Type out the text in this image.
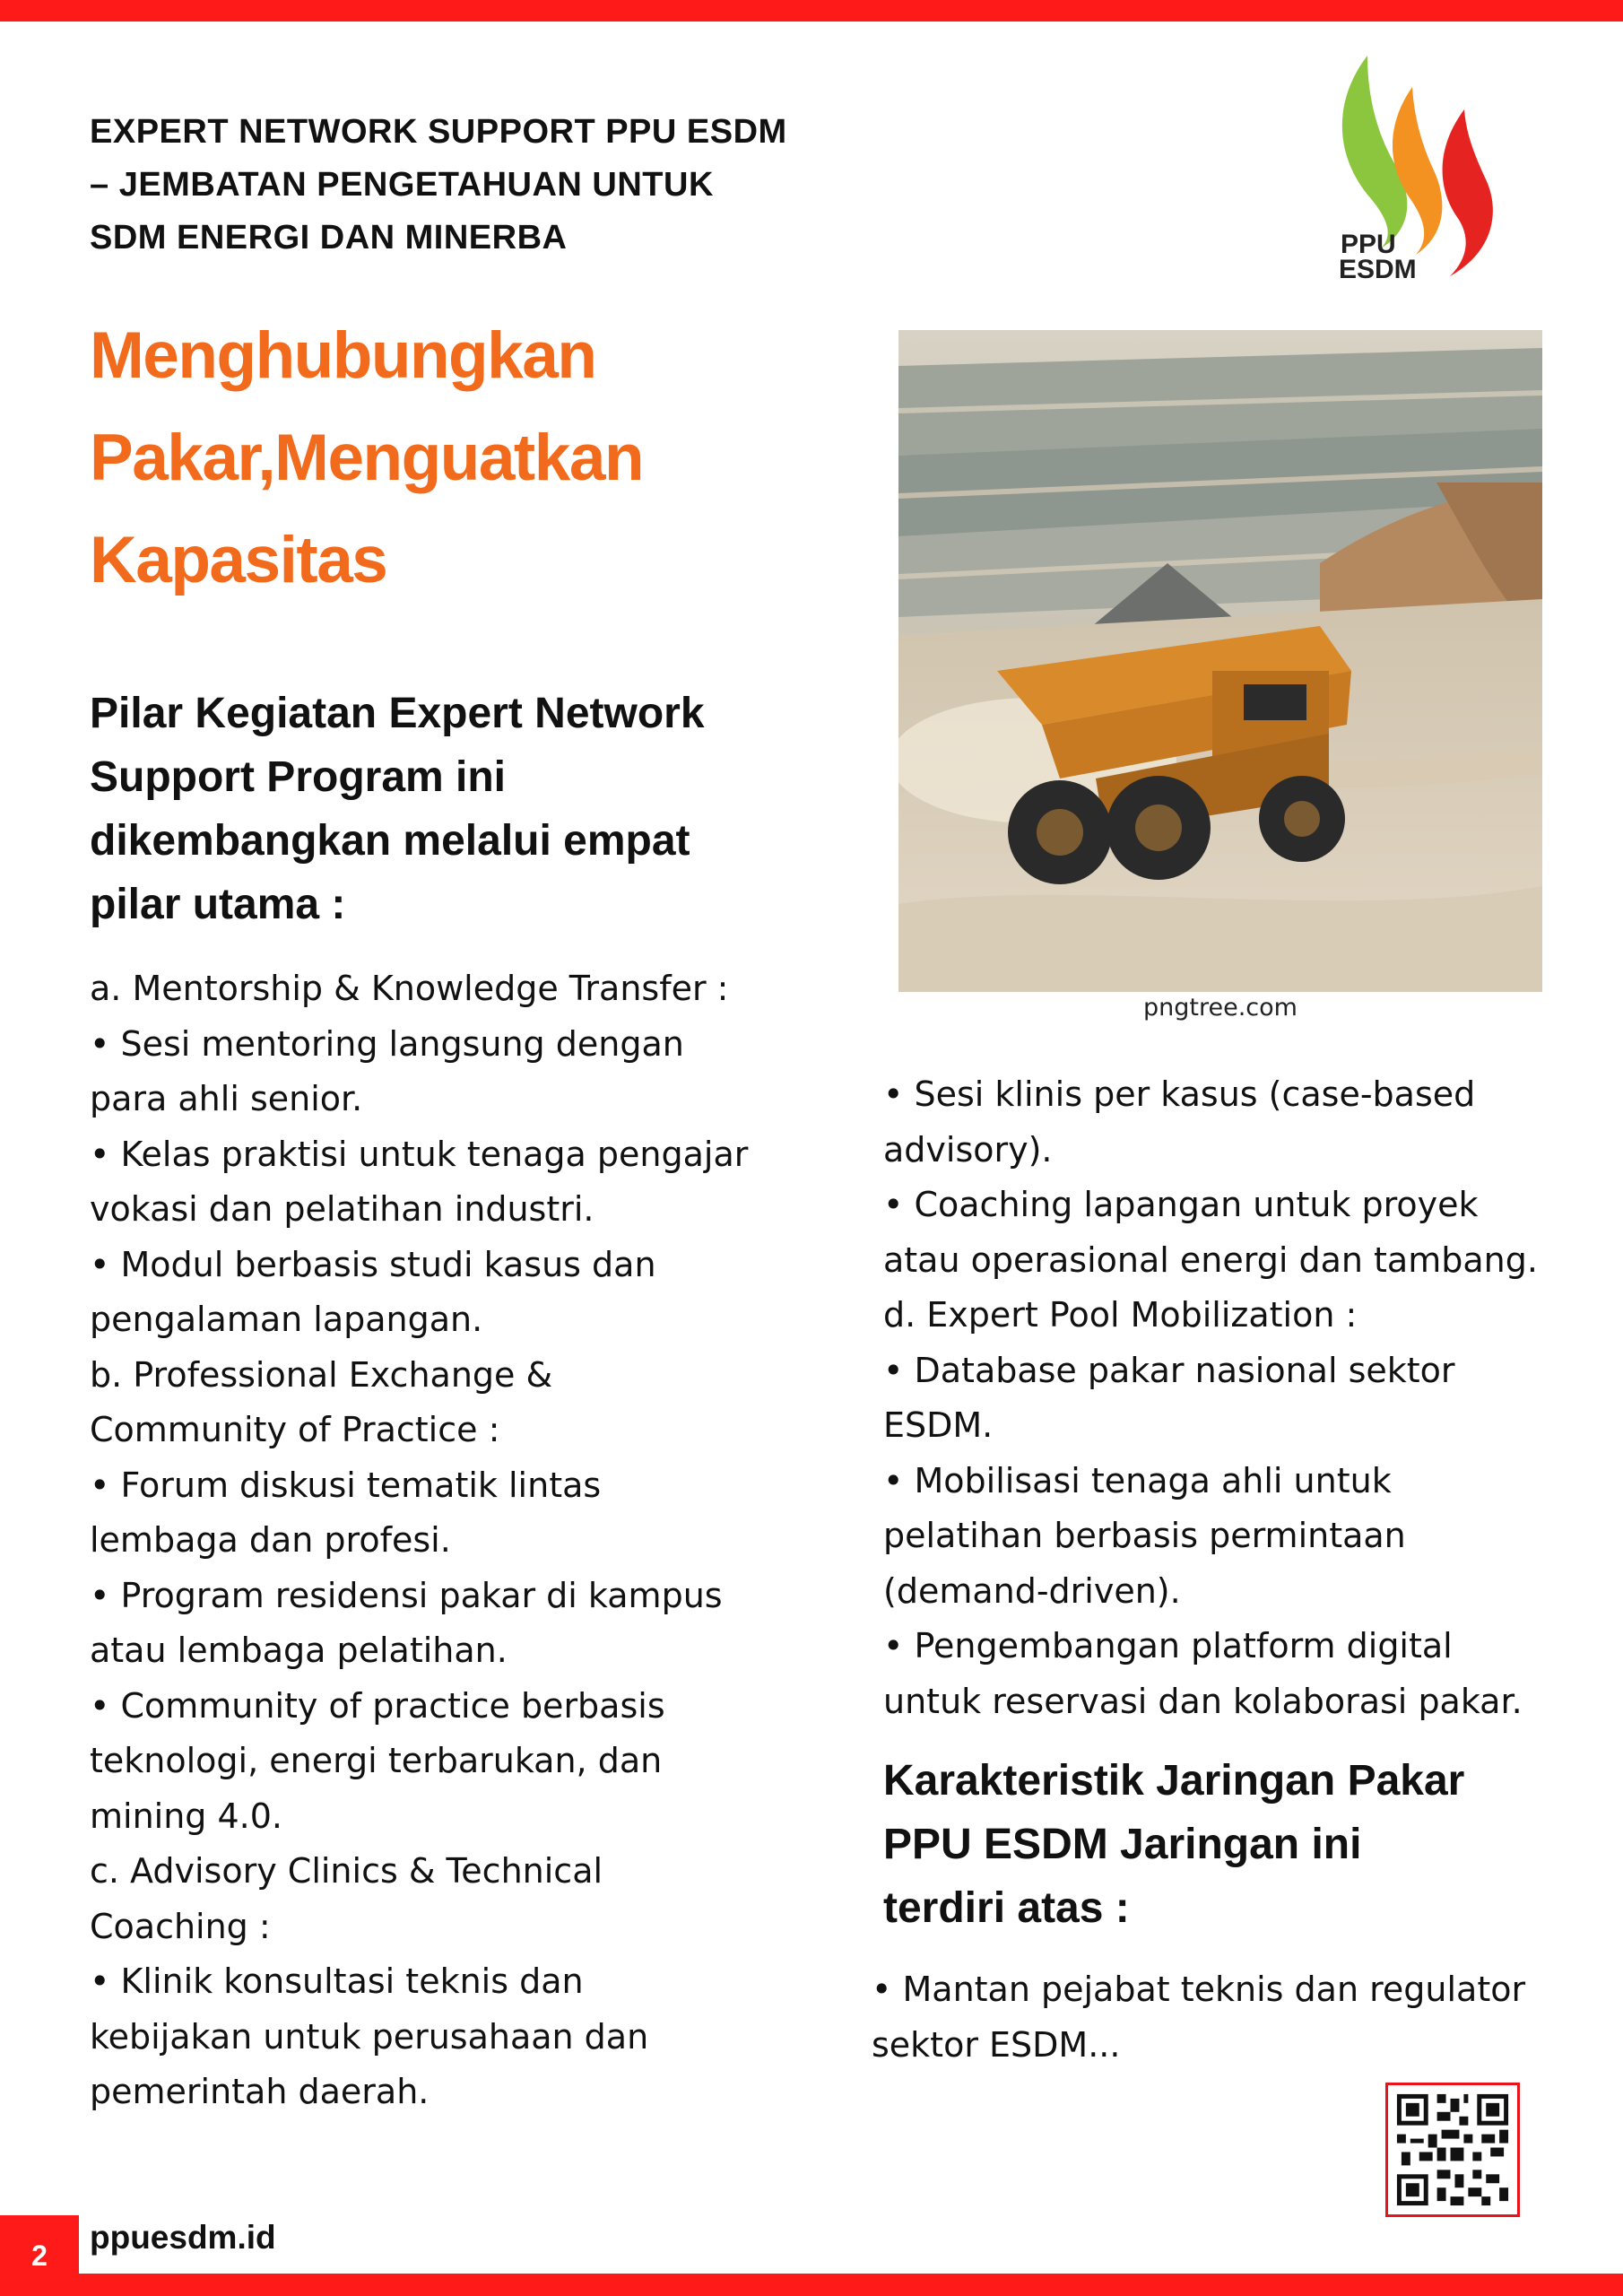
EXPERT NETWORK SUPPORT PPU ESDM
– JEMBATAN PENGETAHUAN UNTUK
SDM ENERGI DAN MINERBA	PPU
ESDM
Menghubungkan
Pakar,Menguatkan
Kapasitas
Pilar Kegiatan Expert Network
Support Program ini
dikembangkan melalui empat
pilar utama :
a. Mentorship & Knowledge Transfer :
• Sesi mentoring langsung dengan
para ahli senior.
• Kelas praktisi untuk tenaga pengajar
vokasi dan pelatihan industri.
• Modul berbasis studi kasus dan
pengalaman lapangan.
b. Professional Exchange &
Community of Practice :
• Forum diskusi tematik lintas
lembaga dan profesi.
• Program residensi pakar di kampus
atau lembaga pelatihan.
• Community of practice berbasis
teknologi, energi terbarukan, dan
mining 4.0.
c. Advisory Clinics & Technical
Coaching :
• Klinik konsultasi teknis dan
kebijakan untuk perusahaan dan
pemerintah daerah.
pngtree.com
• Sesi klinis per kasus (case-based
advisory).
• Coaching lapangan untuk proyek
atau operasional energi dan tambang.
d. Expert Pool Mobilization :
• Database pakar nasional sektor
ESDM.
• Mobilisasi tenaga ahli untuk
pelatihan berbasis permintaan
(demand-driven).
• Pengembangan platform digital
untuk reservasi dan kolaborasi pakar.
Karakteristik Jaringan Pakar
PPU ESDM Jaringan ini
terdiri atas :
• Mantan pejabat teknis dan regulator
sektor ESDM...
2	ppuesdm.id
